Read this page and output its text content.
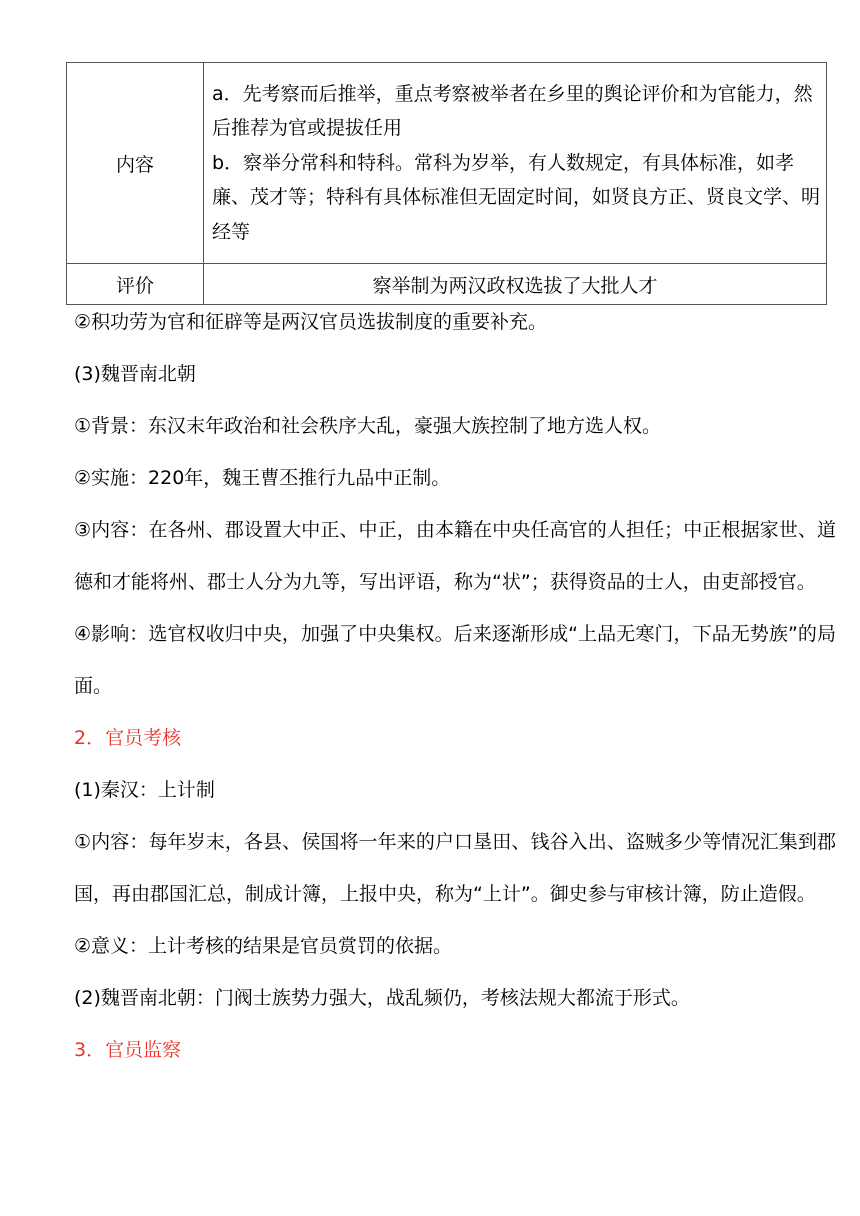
内容	a．先考察而后推举，重点考察被举者在乡里的舆论评价和为官能力，然后推荐为官或提拔任用

b．察举分常科和特科。常科为岁举，有人数规定，有具体标准，如孝廉、茂才等；特科有具体标准但无固定时间，如贤良方正、贤良文学、明经等

评价	察举制为两汉政权选拔了大批人才

②积功劳为官和征辟等是两汉官员选拔制度的重要补充。

(3)魏晋南北朝

①背景：东汉末年政治和社会秩序大乱，豪强大族控制了地方选人权。

②实施：220年，魏王曹丕推行九品中正制。

③内容：在各州、郡设置大中正、中正，由本籍在中央任高官的人担任；中正根据家世、道德和才能将州、郡士人分为九等，写出评语，称为“状”；获得资品的士人，由吏部授官。

④影响：选官权收归中央，加强了中央集权。后来逐渐形成“上品无寒门，下品无势族”的局面。

2．官员考核

(1)秦汉：上计制

①内容：每年岁末，各县、侯国将一年来的户口垦田、钱谷入出、盗贼多少等情况汇集到郡国，再由郡国汇总，制成计簿，上报中央，称为“上计”。御史参与审核计簿，防止造假。

②意义：上计考核的结果是官员赏罚的依据。

(2)魏晋南北朝：门阀士族势力强大，战乱频仍，考核法规大都流于形式。

3．官员监察
